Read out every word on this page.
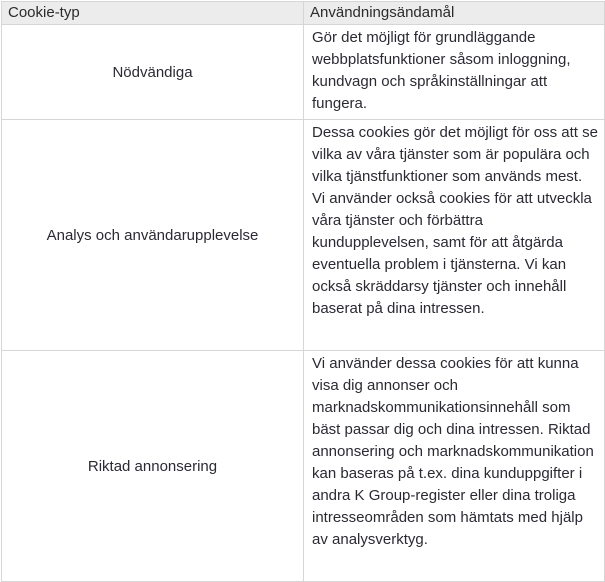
Cookie-typ	Användningsändamål
Nödvändiga	Gör det möjligt för grundläggande webbplatsfunktioner såsom inloggning, kundvagn och språkinställningar att fungera.

Analys och användarupplevelse	Dessa cookies gör det möjligt för oss att se vilka av våra tjänster som är populära och vilka tjänstfunktioner som används mest. Vi använder också cookies för att utveckla våra tjänster och förbättra kundupplevelsen, samt för att åtgärda eventuella problem i tjänsterna. Vi kan också skräddarsy tjänster och innehåll baserat på dina intressen.

Riktad annonsering	Vi använder dessa cookies för att kunna visa dig annonser och marknadskommunikationsinnehåll som bäst passar dig och dina intressen. Riktad annonsering och marknadskommunikation kan baseras på t.ex. dina kunduppgifter i andra K Group-register eller dina troliga intresseområden som hämtats med hjälp av analysverktyg.
